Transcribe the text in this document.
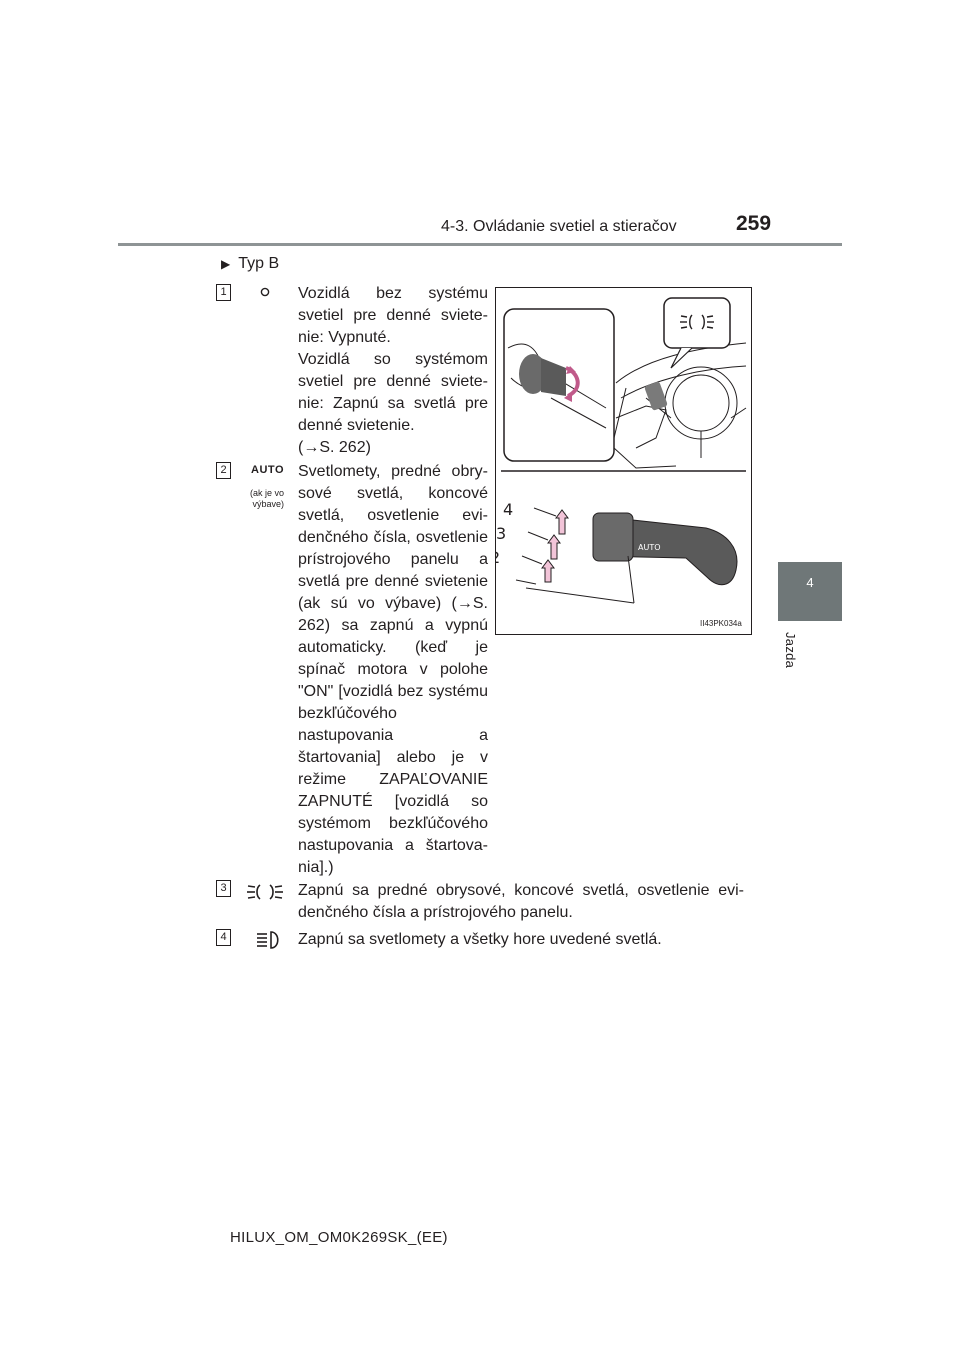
4-3. Ovládanie svetiel a stieračov	259
4
Jazda
▶ Typ B
1	Vozidlá bez systému svetiel pre denné svietenie: Vypnuté.

Vozidlá so systémom svetiel pre denné svietenie: Zapnú sa svetlá pre denné svietenie.

(→S. 262)

2	AUTO
(ak je vo výbave)
Svetlomety, predné obrysové svetlá, koncové svetlá, osvetlenie evidenčného čísla, osvetlenie prístrojového panelu a svetlá pre denné svietenie (ak sú vo výbave) (→S. 262) sa zapnú a vypnú automaticky. (keď je spínač motora v polohe "ON" [vozidlá bez systému bezkľúčového nastupovania a štartovania] alebo je v režime ZAPAĽOVANIE ZAPNUTÉ [vozidlá so systémom bezkľúčového nastupovania a štartovania].)
3	Zapnú sa predné obrysové, koncové svetlá, osvetlenie evidenčného čísla a prístrojového panelu.
4	Zapnú sa svetlomety a všetky hore uvedené svetlá.
AUTO
4
3
II43PK034a
HILUX_OM_OM0K269SK_(EE)
